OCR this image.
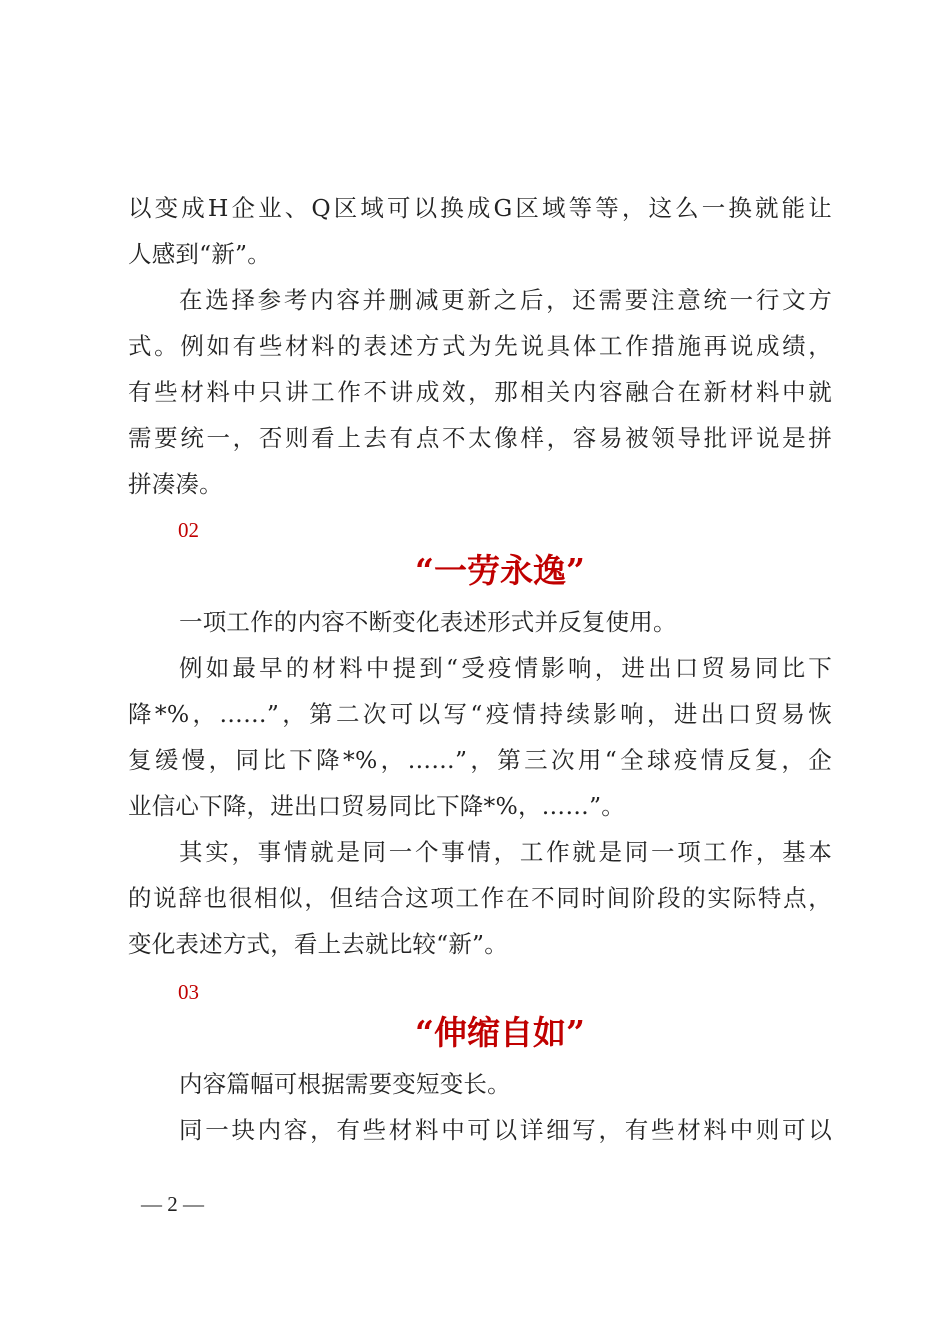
以变成H企业、Q区域可以换成G区域等等，这么一换就能让
人感到“新”。
在选择参考内容并删减更新之后，还需要注意统一行文方
式。例如有些材料的表述方式为先说具体工作措施再说成绩，
有些材料中只讲工作不讲成效，那相关内容融合在新材料中就
需要统一，否则看上去有点不太像样，容易被领导批评说是拼
拼凑凑。
02
“一劳永逸”
一项工作的内容不断变化表述形式并反复使用。
例如最早的材料中提到“受疫情影响，进出口贸易同比下
降*%，……”，第二次可以写“疫情持续影响，进出口贸易恢
复缓慢，同比下降*%，……”，第三次用“全球疫情反复，企
业信心下降，进出口贸易同比下降*%，……”。
其实，事情就是同一个事情，工作就是同一项工作，基本
的说辞也很相似，但结合这项工作在不同时间阶段的实际特点，
变化表述方式，看上去就比较“新”。
03
“伸缩自如”
内容篇幅可根据需要变短变长。
同一块内容，有些材料中可以详细写，有些材料中则可以
— 2 —
